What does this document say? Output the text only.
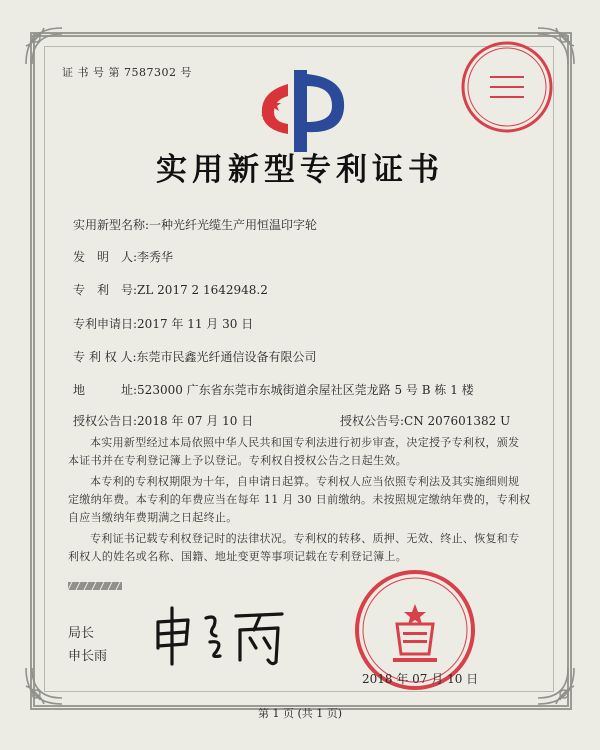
证 书 号 第 7587302 号
实用新型专利证书
实用新型名称:一种光纤光缆生产用恒温印字轮
发　明　人:李秀华
专　利　号:ZL 2017 2 1642948.2
专利申请日:2017 年 11 月 30 日
专 利 权 人:东莞市民鑫光纤通信设备有限公司
地　　　址:523000 广东省东莞市东城街道余屋社区莞龙路 5 号 B 栋 1 楼
授权公告日:2018 年 07 月 10 日	授权公告号:CN 207601382 U
本实用新型经过本局依照中华人民共和国专利法进行初步审查，决定授予专利权，颁发
本证书并在专利登记簿上予以登记。专利权自授权公告之日起生效。
本专利的专利权期限为十年，自申请日起算。专利权人应当依照专利法及其实施细则规
定缴纳年费。本专利的年费应当在每年 11 月 30 日前缴纳。未按照规定缴纳年费的，专利权
自应当缴纳年费期满之日起终止。
专利证书记载专利权登记时的法律状况。专利权的转移、质押、无效、终止、恢复和专
利权人的姓名或名称、国籍、地址变更等事项记载在专利登记簿上。
局长
申长雨
2018 年 07 月 10 日
第 1 页 (共 1 页)
